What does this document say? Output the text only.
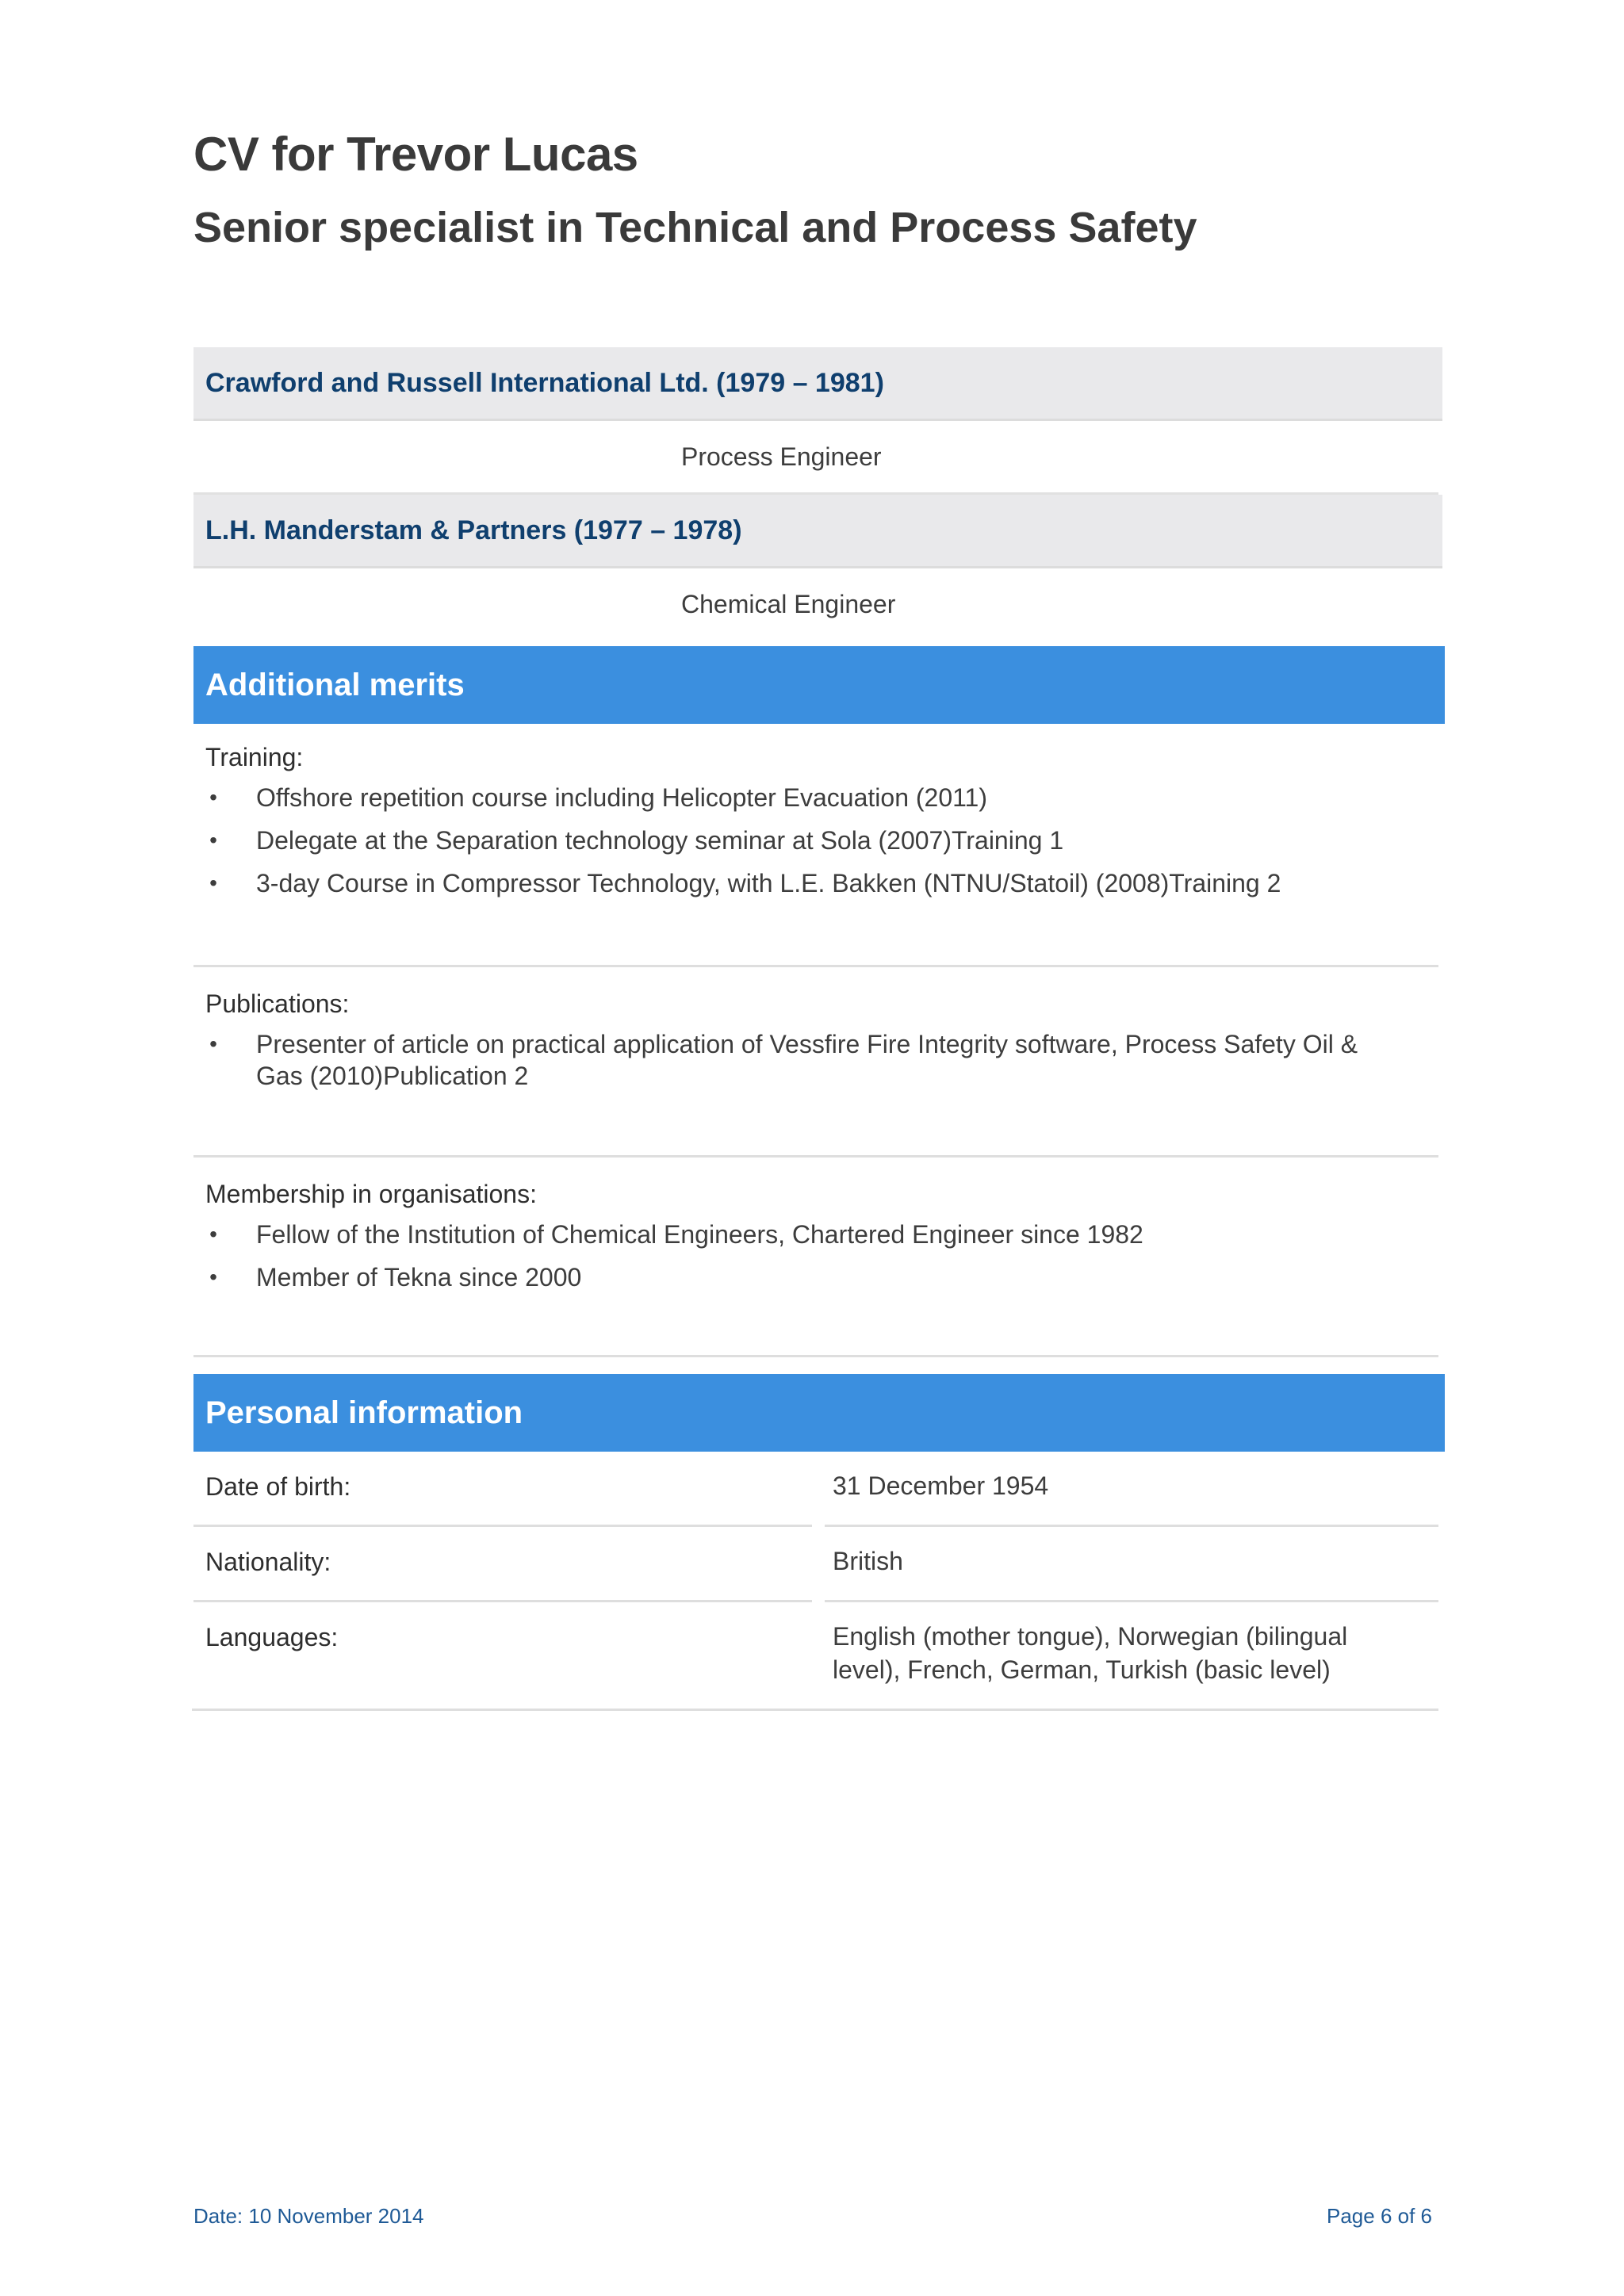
CV for Trevor Lucas
Senior specialist in Technical and Process Safety
Crawford and Russell International Ltd. (1979 – 1981)
Process Engineer
L.H. Manderstam & Partners (1977 – 1978)
Chemical Engineer
Additional merits
Training:
• Offshore repetition course including Helicopter Evacuation (2011)
• Delegate at the Separation technology seminar at Sola (2007)Training 1
• 3-day Course in Compressor Technology, with L.E. Bakken (NTNU/Statoil) (2008)Training 2
Publications:
• Presenter of article on practical application of Vessfire Fire Integrity software, Process Safety Oil & Gas (2010)Publication 2
Membership in organisations:
• Fellow of the Institution of Chemical Engineers, Chartered Engineer since 1982
• Member of Tekna since 2000
Personal information
Date of birth:	31 December 1954
Nationality:	British
Languages:	English (mother tongue), Norwegian (bilingual level), French, German, Turkish (basic level)
Date: 10 November 2014	Page 6 of 6
